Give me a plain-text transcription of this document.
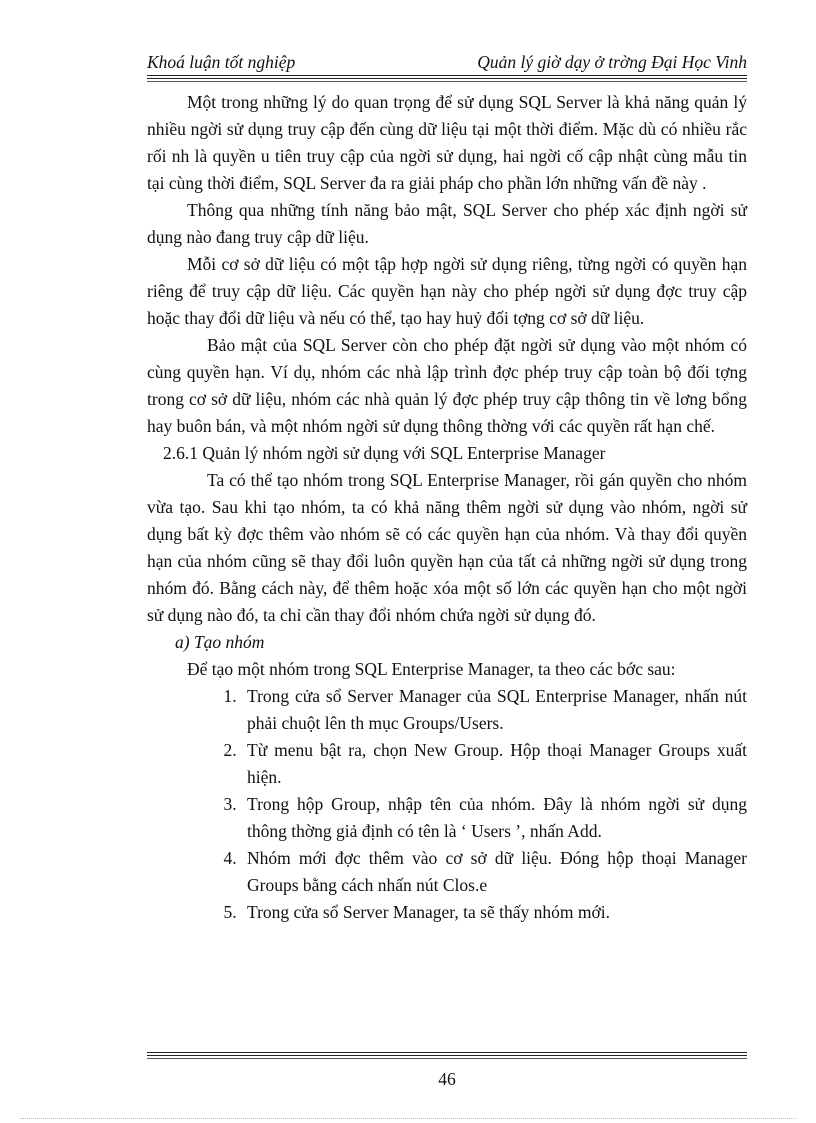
Khoá luận tốt nghiệp	Quản lý giờ dạy ở trờng Đại Học Vinh

Một trong những lý do quan trọng để sử dụng SQL Server là khả năng quản lý nhiều ngời sử dụng truy cập đến cùng dữ liệu tại một thời điểm. Mặc dù có nhiều rắc rối nh là quyền u tiên truy cập của ngời sử dụng, hai ngời cố cập nhật cùng mẫu tin tại cùng thời điểm, SQL Server đa ra giải pháp cho phần lớn những vấn đề này .

Thông qua những tính năng bảo mật, SQL Server cho phép xác định ngời sử dụng nào đang truy cập dữ liệu.

Mỗi cơ sở dữ liệu có một tập hợp ngời sử dụng riêng, từng ngời có quyền hạn riêng để truy cập dữ liệu. Các quyền hạn này cho phép ngời sử dụng đợc truy cập hoặc thay đổi dữ liệu và nếu có thể, tạo hay huỷ đối tợng cơ sở dữ liệu.

Bảo mật của SQL Server còn cho phép đặt ngời sử dụng vào một nhóm có cùng quyền hạn. Ví dụ, nhóm các nhà lập trình đợc phép truy cập toàn bộ đối tợng trong cơ sở dữ liệu, nhóm các nhà quản lý đợc phép truy cập thông tin về lơng bổng hay buôn bán, và một nhóm ngời sử dụng thông thờng với các quyền rất hạn chế.

2.6.1 Quản lý nhóm ngời sử dụng với SQL Enterprise Manager

Ta có thể tạo nhóm trong SQL Enterprise Manager, rồi gán quyền cho nhóm vừa tạo. Sau khi tạo nhóm, ta có khả năng thêm ngời sử dụng vào nhóm, ngời sử dụng bất kỳ đợc thêm vào nhóm sẽ có các quyền hạn của nhóm. Và thay đổi quyền hạn của nhóm cũng sẽ thay đổi luôn quyền hạn của tất cả những ngời sử dụng trong nhóm đó. Bằng cách này, để thêm hoặc xóa một số lớn các quyền hạn cho một ngời sử dụng nào đó, ta chỉ cần thay đổi nhóm chứa ngời sử dụng đó.

a) Tạo nhóm

Để tạo một nhóm trong SQL Enterprise Manager, ta theo các bớc sau:

1. Trong cửa sổ Server Manager của SQL Enterprise Manager, nhấn nút phải chuột lên th mục Groups/Users.
2. Từ menu bật ra, chọn New Group. Hộp thoại Manager Groups xuất hiện.
3. Trong hộp Group, nhập tên của nhóm. Đây là nhóm ngời sử dụng thông thờng giả định có tên là ‘ Users ’, nhấn Add.
4. Nhóm mới đợc thêm vào cơ sở dữ liệu. Đóng hộp thoại Manager Groups bằng cách nhấn nút Clos.e
5. Trong cửa sổ Server Manager, ta sẽ thấy nhóm mới.
46
